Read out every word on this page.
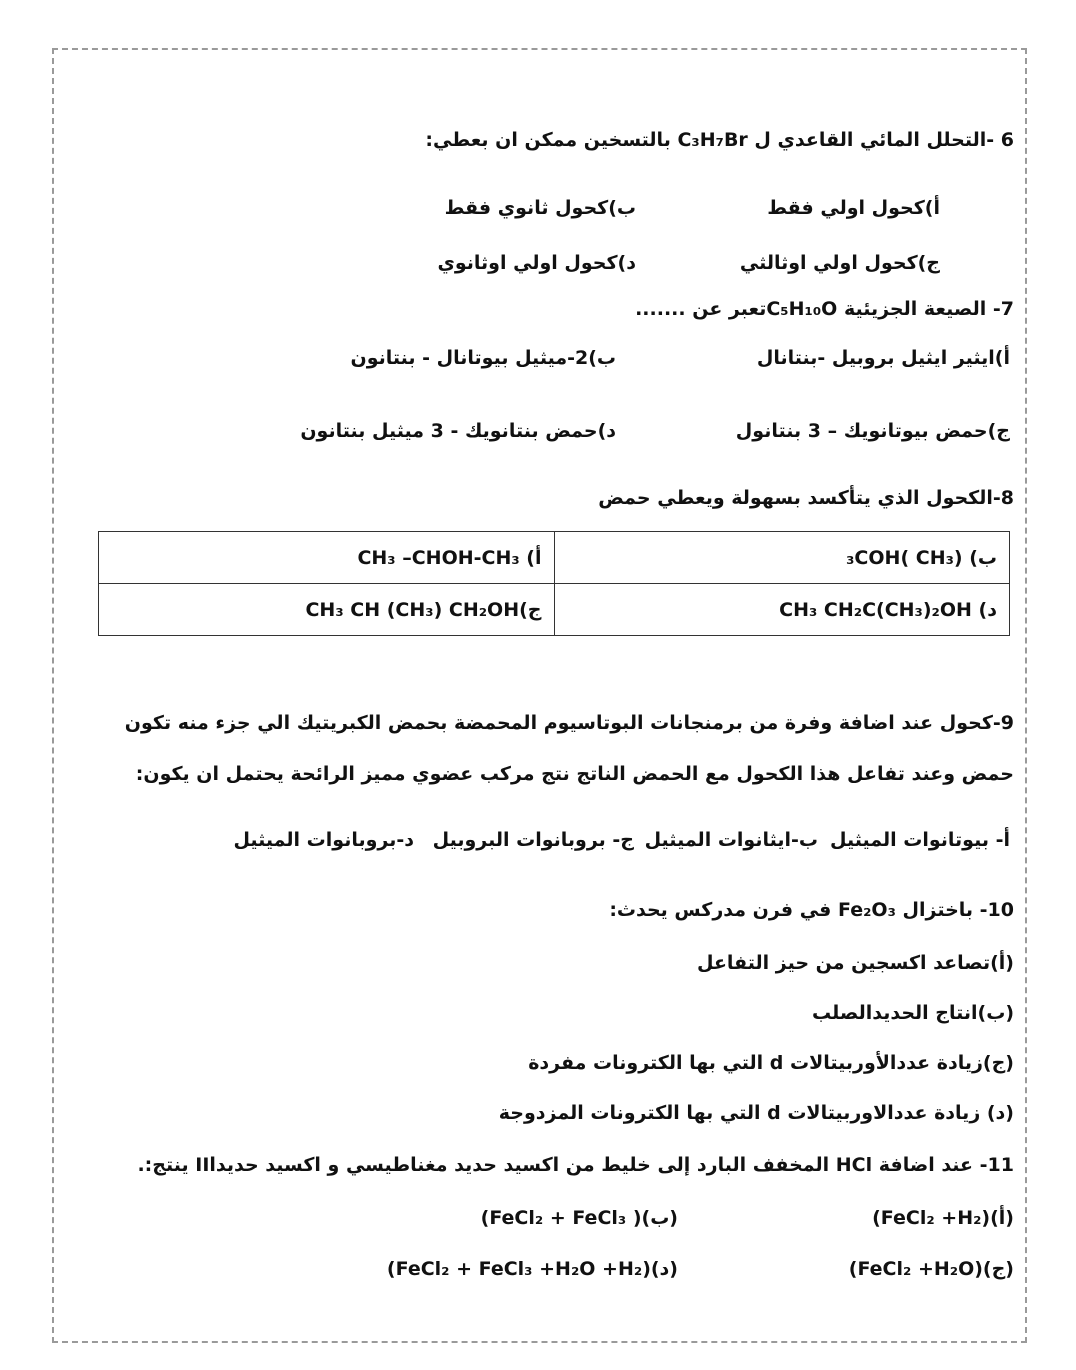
6 -التحلل المائي القاعدي ل C₃H₇Br بالتسخين ممكن ان بعطي:
أ)كحول اولي فقط
ب)كحول ثانوي فقط
ج)كحول اولي اوثالثي
د)كحول اولي اوثانوي
7- الصيعة الجزيئية C₅H₁₀Oتعبر عن .......
أ)ايثير ايثيل بروبيل -بنتانال
ب)2-ميثيل بيوتانال - بنتانون
ج)حمض بيوتانويك – 3 بنتانول
د)حمض بنتانويك - 3 ميثيل بنتانون
8-الكحول الذي يتأكسد بسهولة ويعطي حمض
أ) CH₃ –CHOH-CH₃	ب) (CH₃ )₃COH
ج)CH₃ CH (CH₃) CH₂OH	د) CH₃ CH₂C(CH₃)₂OH
9-كحول عند اضافة وفرة من برمنجانات البوتاسيوم المحمضة بحمض الكبريتيك الي جزء منه تكون
حمض وعند تفاعل هذا الكحول مع الحمض الناتج نتج مركب عضوي مميز الرائحة يحتمل ان يكون:
أ- بيوتانوات الميثيل
ب-ايثانوات الميثيل
ج- بروبانوات البروبيل
د-بروبانوات الميثيل
10- باختزال Fe₂O₃ في فرن مدركس يحدث:
(أ)تصاعد اكسجين من حيز التفاعل
(ب)انتاج الحديدالصلب
(ج)زيادة عددالأوربيتالات d التي بها الكترونات مفردة
(د) زيادة عددالاوربيتالات d التي بها الكترونات المزدوجة
11- عند اضافة HCl المخفف البارد إلى خليط من اكسيد حديد مغناطيسي و اكسيد حديداII ينتج:.
(أ)(FeCl₂ +H₂)
(ب)( FeCl₂ + FeCl₃)
(ج)(FeCl₂ +H₂O)
(د)(FeCl₂ + FeCl₃ +H₂O +H₂)
